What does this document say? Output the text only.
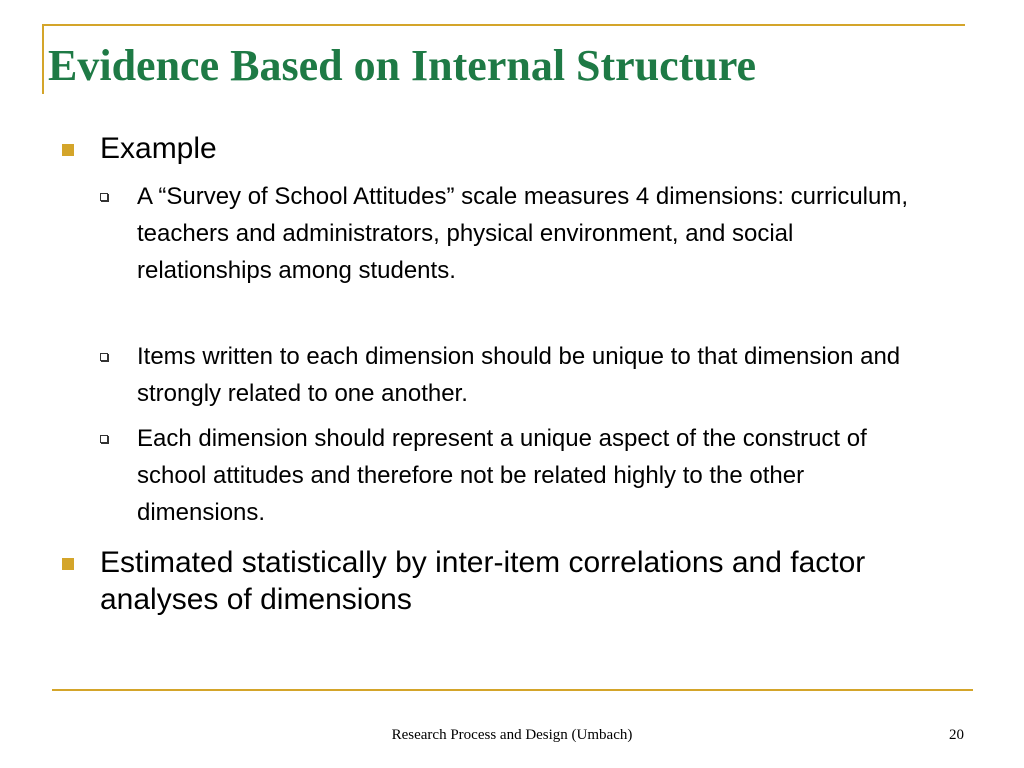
Evidence Based on Internal Structure
Example
A “Survey of School Attitudes” scale measures 4 dimensions: curriculum, teachers and administrators, physical environment, and social relationships among students.
Items written to each dimension should be unique to that dimension and strongly related to one another.
Each dimension should represent a unique aspect of the construct of school attitudes and therefore not be related highly to the other dimensions.
Estimated statistically by inter-item correlations and factor analyses of dimensions
Research Process and Design (Umbach)	20
